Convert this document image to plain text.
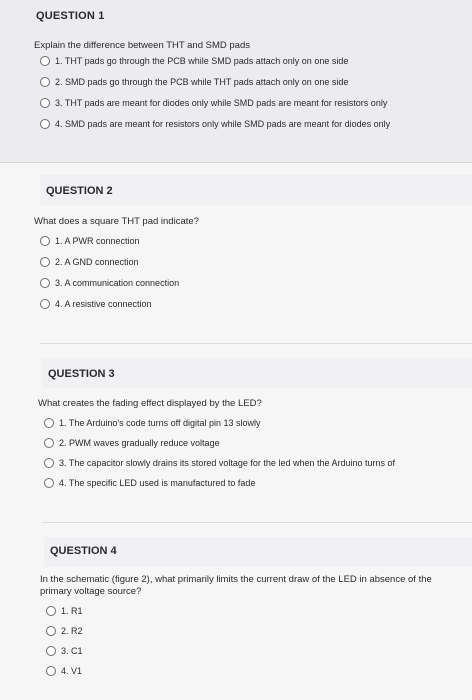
QUESTION 1
Explain the difference between THT and SMD pads
1. THT pads go through the PCB while SMD pads attach only on one side
2. SMD pads go through the PCB while THT pads attach only on one side
3. THT pads are meant for diodes only while SMD pads are meant for resistors only
4. SMD pads are meant for resistors only while SMD pads are meant for diodes only
QUESTION 2
What does a square THT pad indicate?
1. A PWR connection
2. A GND connection
3. A communication connection
4. A resistive connection
QUESTION 3
What creates the fading effect displayed by the LED?
1. The Arduino's code turns off digital pin 13 slowly
2. PWM waves gradually reduce voltage
3. The capacitor slowly drains its stored voltage for the led when the Arduino turns of
4. The specific LED used is manufactured to fade
QUESTION 4
In the schematic (figure 2), what primarily limits the current draw of the LED in absence of the
primary voltage source?
1. R1
2. R2
3. C1
4. V1
